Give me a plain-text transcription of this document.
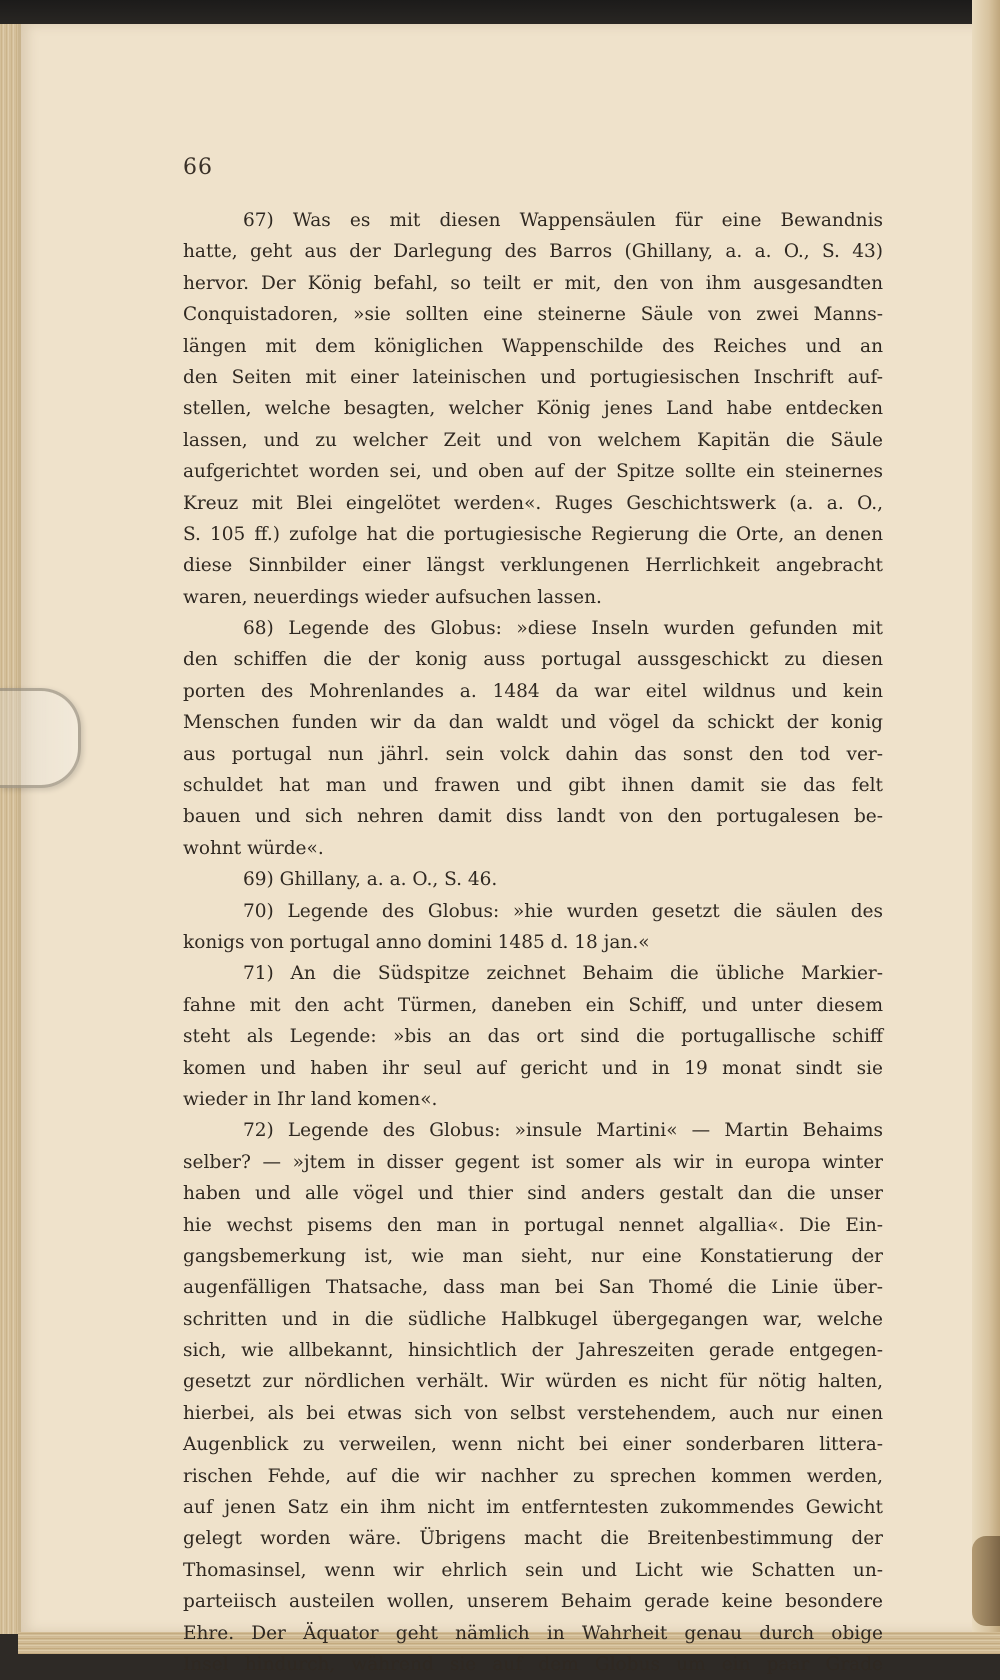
66
67) Was es mit diesen Wappensäulen für eine Bewandnis
hatte, geht aus der Darlegung des Barros (Ghillany, a. a. O., S. 43)
hervor. Der König befahl, so teilt er mit, den von ihm ausgesandten
Conquistadoren, »sie sollten eine steinerne Säule von zwei Manns-
längen mit dem königlichen Wappenschilde des Reiches und an
den Seiten mit einer lateinischen und portugiesischen Inschrift auf-
stellen, welche besagten, welcher König jenes Land habe entdecken
lassen, und zu welcher Zeit und von welchem Kapitän die Säule
aufgerichtet worden sei, und oben auf der Spitze sollte ein steinernes
Kreuz mit Blei eingelötet werden«. Ruges Geschichtswerk (a. a. O.,
S. 105 ff.) zufolge hat die portugiesische Regierung die Orte, an denen
diese Sinnbilder einer längst verklungenen Herrlichkeit angebracht
waren, neuerdings wieder aufsuchen lassen.
68) Legende des Globus: »diese Inseln wurden gefunden mit
den schiffen die der konig auss portugal aussgeschickt zu diesen
porten des Mohrenlandes a. 1484 da war eitel wildnus und kein
Menschen funden wir da dan waldt und vögel da schickt der konig
aus portugal nun jährl. sein volck dahin das sonst den tod ver-
schuldet hat man und frawen und gibt ihnen damit sie das felt
bauen und sich nehren damit diss landt von den portugalesen be-
wohnt würde«.
69) Ghillany, a. a. O., S. 46.
70) Legende des Globus: »hie wurden gesetzt die säulen des
konigs von portugal anno domini 1485 d. 18 jan.«
71) An die Südspitze zeichnet Behaim die übliche Markier-
fahne mit den acht Türmen, daneben ein Schiff, und unter diesem
steht als Legende: »bis an das ort sind die portugallische schiff
komen und haben ihr seul auf gericht und in 19 monat sindt sie
wieder in Ihr land komen«.
72) Legende des Globus: »insule Martini« — Martin Behaims
selber? — »jtem in disser gegent ist somer als wir in europa winter
haben und alle vögel und thier sind anders gestalt dan die unser
hie wechst pisems den man in portugal nennet algallia«. Die Ein-
gangsbemerkung ist, wie man sieht, nur eine Konstatierung der
augenfälligen Thatsache, dass man bei San Thomé die Linie über-
schritten und in die südliche Halbkugel übergegangen war, welche
sich, wie allbekannt, hinsichtlich der Jahreszeiten gerade entgegen-
gesetzt zur nördlichen verhält. Wir würden es nicht für nötig halten,
hierbei, als bei etwas sich von selbst verstehendem, auch nur einen
Augenblick zu verweilen, wenn nicht bei einer sonderbaren littera-
rischen Fehde, auf die wir nachher zu sprechen kommen werden,
auf jenen Satz ein ihm nicht im entferntesten zukommendes Gewicht
gelegt worden wäre. Übrigens macht die Breitenbestimmung der
Thomasinsel, wenn wir ehrlich sein und Licht wie Schatten un-
parteiisch austeilen wollen, unserem Behaim gerade keine besondere
Ehre. Der Äquator geht nämlich in Wahrheit genau durch obige
Insel hindurch, während sie auf dem Globus um ein paar Grade
